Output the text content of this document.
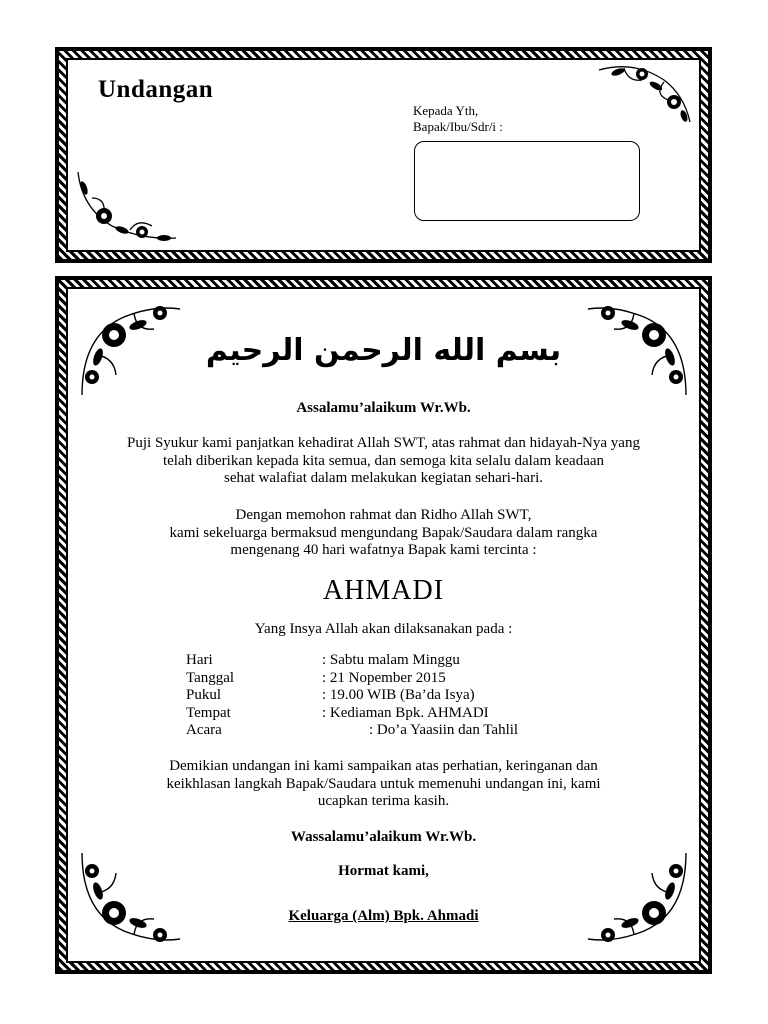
Undangan
Kepada Yth,
Bapak/Ibu/Sdr/i :
بسم الله الرحمن الرحيم
Assalamu’alaikum Wr.Wb.
Puji Syukur kami panjatkan kehadirat Allah SWT, atas rahmat dan hidayah-Nya yang
telah diberikan kepada kita semua, dan semoga kita selalu dalam keadaan
sehat walafiat dalam melakukan kegiatan sehari-hari.
Dengan memohon rahmat dan Ridho Allah SWT,
kami sekeluarga bermaksud mengundang Bapak/Saudara dalam rangka
mengenang 40 hari wafatnya Bapak kami tercinta :
AHMADI
Yang Insya Allah akan dilaksanakan pada :
Hari	: Sabtu malam Minggu
Tanggal	: 21 Nopember 2015
Pukul	: 19.00 WIB (Ba’da Isya)
Tempat	: Kediaman Bpk. AHMADI
Acara	: Do’a Yaasiin dan Tahlil
Demikian undangan ini kami sampaikan atas perhatian, keringanan dan
keikhlasan langkah Bapak/Saudara untuk memenuhi undangan ini, kami
ucapkan terima kasih.
Wassalamu’alaikum Wr.Wb.
Hormat kami,
Keluarga (Alm) Bpk. Ahmadi
